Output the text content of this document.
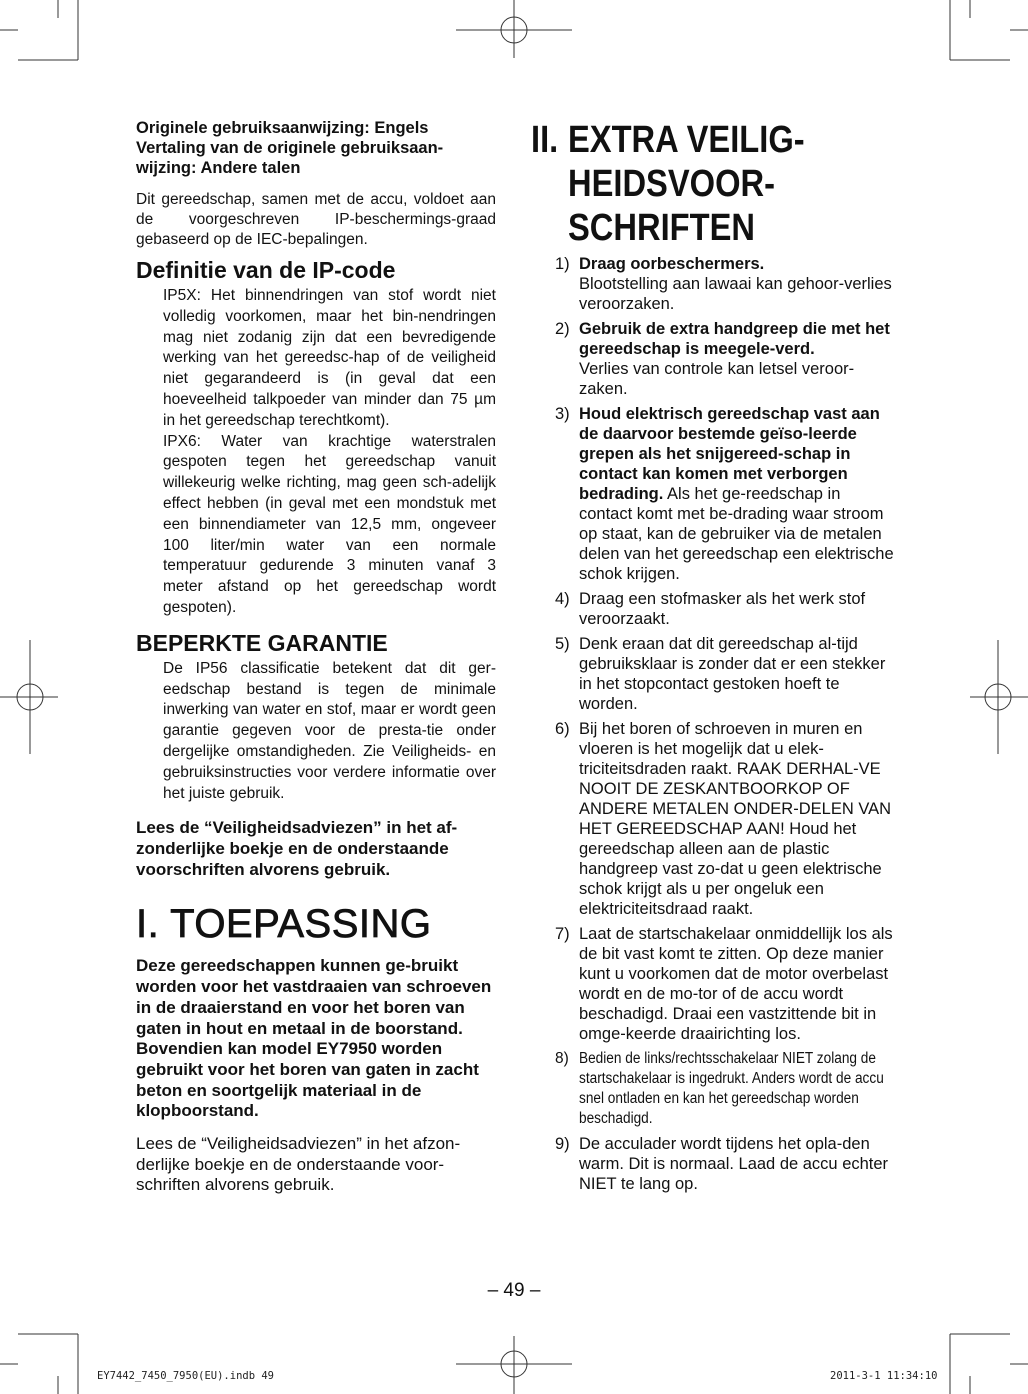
Originele gebruiksaanwijzing: Engels
Vertaling van de originele gebruiksaan-
wijzing: Andere talen

Dit gereedschap, samen met de accu, voldoet aan de voorgeschreven IP-beschermings-graad gebaseerd op de IEC-bepalingen.

Definitie van de IP-code

IP5X: Het binnendringen van stof wordt niet volledig voorkomen, maar het bin-nendringen mag niet zodanig zijn dat een bevredigende werking van het gereedsc-hap of de veiligheid niet gegarandeerd is (in geval dat een hoeveelheid talkpoeder van minder dan 75 µm in het gereedschap terechtkomt).

IPX6: Water van krachtige waterstralen gespoten tegen het gereedschap vanuit willekeurig welke richting, mag geen sch-adelijk effect hebben (in geval met een mondstuk met een binnendiameter van 12,5 mm, ongeveer 100 liter/min water van een normale temperatuur gedurende 3 minuten vanaf 3 meter afstand op het gereedschap wordt gespoten).

BEPERKTE GARANTIE

De IP56 classificatie betekent dat dit ger-eedschap bestand is tegen de minimale inwerking van water en stof, maar er wordt geen garantie gegeven voor de presta-tie onder dergelijke omstandigheden. Zie Veiligheids- en gebruiksinstructies voor verdere informatie over het juiste gebruik.

Lees de “Veiligheidsadviezen” in het af-zonderlijke boekje en de onderstaande voorschriften alvorens gebruik.

I. TOEPASSING

Deze gereedschappen kunnen ge-bruikt worden voor het vastdraaien van schroeven in de draaierstand en voor het boren van gaten in hout en metaal in de boorstand. Bovendien kan model EY7950 worden gebruikt voor het boren van gaten in zacht beton en soortgelijk materiaal in de klopboorstand.

Lees de “Veiligheidsadviezen” in het afzon-derlijke boekje en de onderstaande voor-schriften alvorens gebruik.

II. EXTRA VEILIG-
HEIDSVOOR-
SCHRIFTEN
1) Draag oorbeschermers.
Blootstelling aan lawaai kan gehoor-verlies veroorzaken.
2) Gebruik de extra handgreep die met het gereedschap is meegele-verd.
Verlies van controle kan letsel veroor-zaken.
3) Houd elektrisch gereedschap vast aan de daarvoor bestemde geïso-leerde grepen als het snijgereed-schap in contact kan komen met verborgen bedrading. Als het ge-reedschap in contact komt met be-drading waar stroom op staat, kan de gebruiker via de metalen delen van het gereedschap een elektrische schok krijgen.
4) Draag een stofmasker als het werk stof veroorzaakt.
5) Denk eraan dat dit gereedschap al-tijd gebruiksklaar is zonder dat er een stekker in het stopcontact gestoken hoeft te worden.
6) Bij het boren of schroeven in muren en vloeren is het mogelijk dat u elek-triciteitsdraden raakt. RAAK DERHAL-VE NOOIT DE ZESKANTBOORKOP OF ANDERE METALEN ONDER-DELEN VAN HET GEREEDSCHAP AAN! Houd het gereedschap alleen aan de plastic handgreep vast zo-dat u geen elektrische schok krijgt als u per ongeluk een elektriciteitsdraad raakt.
7) Laat de startschakelaar onmiddellijk los als de bit vast komt te zitten. Op deze manier kunt u voorkomen dat de motor overbelast wordt en de mo-tor of de accu wordt beschadigd. Draai een vastzittende bit in omge-keerde draairichting los.
8) Bedien de links/rechtsschakelaar NIET zolang de startschakelaar is ingedrukt. Anders wordt de accu snel ontladen en kan het gereedschap worden beschadigd.
9) De acculader wordt tijdens het opla-den warm. Dit is normaal. Laad de accu echter NIET te lang op.
– 49 –
EY7442_7450_7950(EU).indb 49	2011-3-1 11:34:10
